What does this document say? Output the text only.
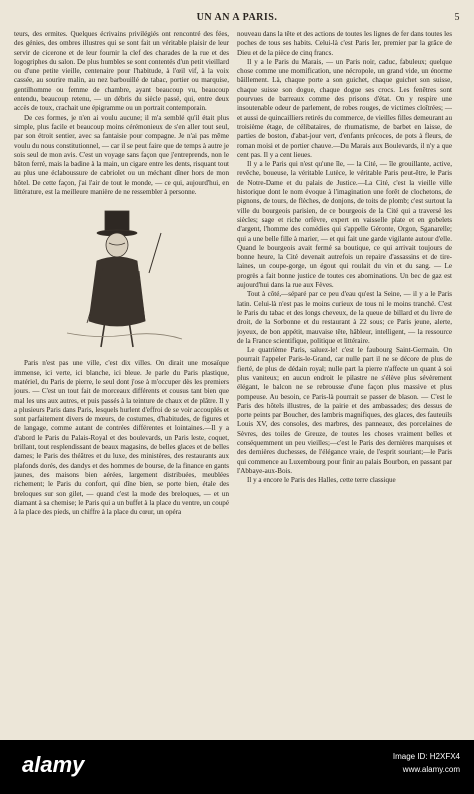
UN AN A PARIS.	5

teurs, des ermites. Quelques écrivains privilégiés ont rencontré des fées, des génies, des ombres illustres qui se sont fait un véritable plaisir de leur servir de cicerone et de leur fournir la clef des charades de la rue et des logogriphes du salon. De plus humbles se sont contentés d'un petit vieillard ou d'une petite vieille, centenaire pour l'habitude, à l'œil vif, à la voix cassée, au sourire malin, au nez barbouillé de tabac, portier ou marquise, gentilhomme ou femme de chambre, ayant beaucoup vu, beaucoup entendu, beaucoup retenu, — un débris du siècle passé, qui, entre deux accès de toux, crachait une épigramme ou un portrait contemporain.

De ces formes, je n'en ai voulu aucune; il m'a semblé qu'il était plus simple, plus facile et beaucoup moins cérémonieux de s'en aller tout seul, par son étroit sentier, avec sa fantaisie pour compagne. Je n'ai pas même voulu du nous constitutionnel, — car il se peut faire que de temps à autre je sois seul de mon avis. C'est un voyage sans façon que j'entreprends, non le bâton ferré, mais la badine à la main, un cigare entre les dents, risquant tout au plus une éclaboussure de cabriolet ou un méchant dîner hors de mon hôtel. De cette façon, j'ai l'air de tout le monde, — ce qui, aujourd'hui, en littérature, est la meilleure manière de ne ressembler à personne.

Paris n'est pas une ville, c'est dix villes. On dirait une mosaïque immense, ici verte, ici blanche, ici bleue. Je parle du Paris plastique, matériel, du Paris de pierre, le seul dont j'ose à m'occuper dès les premiers jours. — C'est un tout fait de morceaux différents et cousus tant bien que mal les uns aux autres, et puis passés à la teinture de chaux et de plâtre. Il y a plusieurs Paris dans Paris, lesquels hurlent d'effroi de se voir accouplés et sont parfaitement divers de mœurs, de costumes, d'habitudes, de figures et de langage, comme autant de contrées différentes et lointaines.—Il y a d'abord le Paris du Palais-Royal et des boulevards, un Paris leste, coquet, brillant, tout resplendissant de beaux magasins, de belles glaces et de belles dames; le Paris des théâtres et du luxe, des ministères, des restaurants aux plafonds dorés, des dandys et des hommes de bourse, de la finance en gants jaunes, des maisons bien aérées, largement distribuées, meublées richement; le Paris du confort, qui dîne bien, se porte bien, étale des breloques sur son gilet, — quand c'est la mode des breloques, — et un diamant à sa chemise; le Paris qui a un buffet à la place du ventre, un coupé à la place des pieds, un chiffre à la place du cœur, un opéra

nouveau dans la tête et des actions de toutes les lignes de fer dans toutes les poches de tous ses habits. Celui-là c'est Paris Ier, premier par la grâce de Dieu et de la pièce de cinq francs.

Il y a le Paris du Marais, — un Paris noir, caduc, fabuleux; quelque chose comme une momification, une nécropole, un grand vide, un énorme bâillement. Là, chaque porte a son guichet, chaque guichet son suisse, chaque suisse son dogue, chaque dogue ses crocs. Les fenêtres sont pourvues de barreaux comme des prisons d'état. On y respire une insoutenable odeur de parlement, de robes rouges, de victimes cloîtrées; — et aussi de quincailliers retirés du commerce, de vieilles filles demeurant au troisième étage, de célibataires, de rhumatisme, de barbet en laisse, de parties de boston, d'abat-jour vert, d'enfants précoces, de pots à fleurs, de roman moisi et de portier chauve.—Du Marais aux Boulevards, il n'y a que cent pas. Il y a cent lieues.

Il y a le Paris qui n'est qu'une île, — la Cité, — île grouillante, active, revêche, boueuse, la véritable Lutèce, le véritable Paris peut-être, le Paris de Notre-Dame et du palais de Justice.—La Cité, c'est la vieille ville historique dont le nom évoque à l'imagination une forêt de clochetons, de pignons, de tours, de flèches, de donjons, de toits de plomb; c'est surtout la ville du bourgeois parisien, de ce bourgeois de la Cité qui a traversé les siècles; sage et riche orfèvre, expert en vaisselle plate et en gobelets d'argent, l'homme des comédies qui s'appelle Géronte, Orgon, Sganarelle; qui a une belle fille à marier, — et qui fait une garde vigilante autour d'elle. Quand le bourgeois avait fermé sa boutique, ce qui arrivait toujours de bonne heure, la Cité devenait autrefois un repaire d'assassins et de tire-laines, un coupe-gorge, un égout qui roulait du vin et du sang. — Le progrès a fait bonne justice de toutes ces abominations. Un bec de gaz est aujourd'hui dans la rue aux Fèves.

Tout à côté,—séparé par ce peu d'eau qu'est la Seine, — il y a le Paris latin. Celui-là n'est pas le moins curieux de tous ni le moins tranché. C'est le Paris du tabac et des longs cheveux, de la queue de billard et du livre de droit, de la Sorbonne et du restaurant à 22 sous; ce Paris jeune, alerte, joyeux, de bon appétit, mauvaise tête, hâbleur, intelligent, — la ressource de la France scientifique, politique et littéraire.

Le quatrième Paris, saluez-le! c'est le faubourg Saint-Germain. On pourrait l'appeler Paris-le-Grand, car nulle part il ne se décore de plus de fierté, de plus de dédain royal; nulle part la pierre n'affecte un quant à soi plus vaniteux; en aucun endroit le pilastre ne s'élève plus sévèrement élégant, le balcon ne se rebrousse d'une façon plus massive et plus pompeuse. Au besoin, ce Paris-là pourrait se passer de blason. — C'est le Paris des hôtels illustres, de la pairie et des ambassades; des dessus de porte peints par Boucher, des lambris magnifiques, des glaces, des fauteuils Louis XV, des consoles, des marbres, des panneaux, des porcelaines de Sèvres, des toiles de Greuze, de toutes les choses vraiment belles et conséquemment un peu vieilles;—c'est le Paris des dernières marquises et des dernières duchesses, de l'élégance vraie, de l'esprit souriant;—le Paris qui commence au Luxembourg pour finir au palais Bourbon, en passant par l'Abbaye-aux-Bois.

Il y a encore le Paris des Halles, cette terre classique

alamy	Image ID: H2XFX4
www.alamy.com
